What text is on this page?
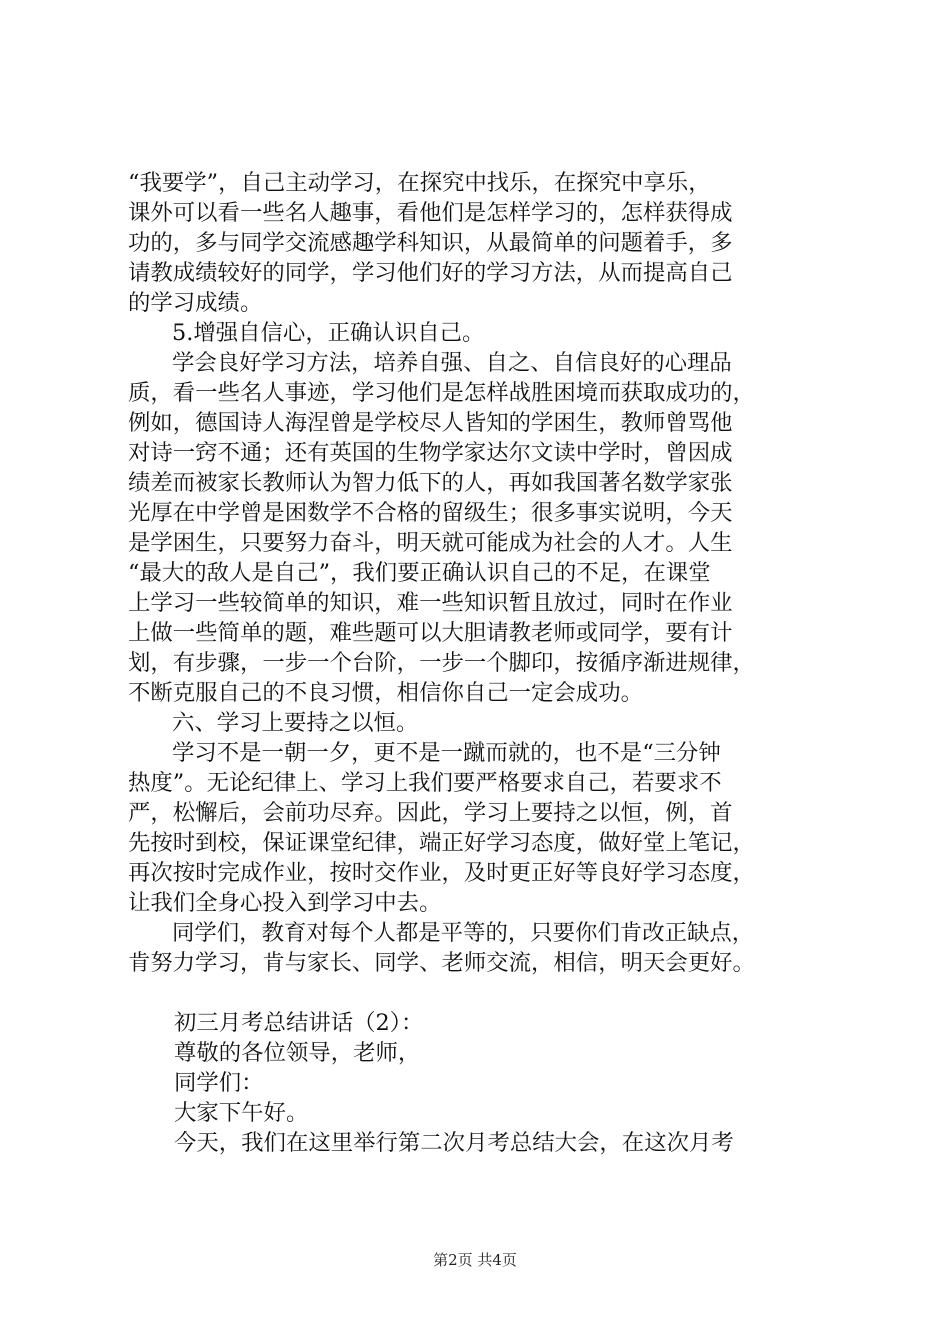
“我要学”，自己主动学习，在探究中找乐，在探究中享乐，
课外可以看一些名人趣事，看他们是怎样学习的，怎样获得成
功的，多与同学交流感趣学科知识，从最简单的问题着手，多
请教成绩较好的同学，学习他们好的学习方法，从而提高自己
的学习成绩。

5.增强自信心，正确认识自己。

学会良好学习方法，培养自强、自之、自信良好的心理品
质，看一些名人事迹，学习他们是怎样战胜困境而获取成功的，
例如，德国诗人海涅曾是学校尽人皆知的学困生，教师曾骂他
对诗一窍不通；还有英国的生物学家达尔文读中学时，曾因成
绩差而被家长教师认为智力低下的人，再如我国著名数学家张
光厚在中学曾是困数学不合格的留级生；很多事实说明，今天
是学困生，只要努力奋斗，明天就可能成为社会的人才。人生
“最大的敌人是自己”，我们要正确认识自己的不足，在课堂
上学习一些较简单的知识，难一些知识暂且放过，同时在作业
上做一些简单的题，难些题可以大胆请教老师或同学，要有计
划，有步骤，一步一个台阶，一步一个脚印，按循序渐进规律，
不断克服自己的不良习惯，相信你自己一定会成功。

六、学习上要持之以恒。

学习不是一朝一夕，更不是一蹴而就的，也不是“三分钟
热度”。无论纪律上、学习上我们要严格要求自己，若要求不
严，松懈后，会前功尽弃。因此，学习上要持之以恒，例，首
先按时到校，保证课堂纪律，端正好学习态度，做好堂上笔记，
再次按时完成作业，按时交作业，及时更正好等良好学习态度，
让我们全身心投入到学习中去。

同学们，教育对每个人都是平等的，只要你们肯改正缺点，
肯努力学习，肯与家长、同学、老师交流，相信，明天会更好。

初三月考总结讲话（2）：

尊敬的各位领导，老师，

同学们：

大家下午好。

今天，我们在这里举行第二次月考总结大会，在这次月考

第2页 共4页
